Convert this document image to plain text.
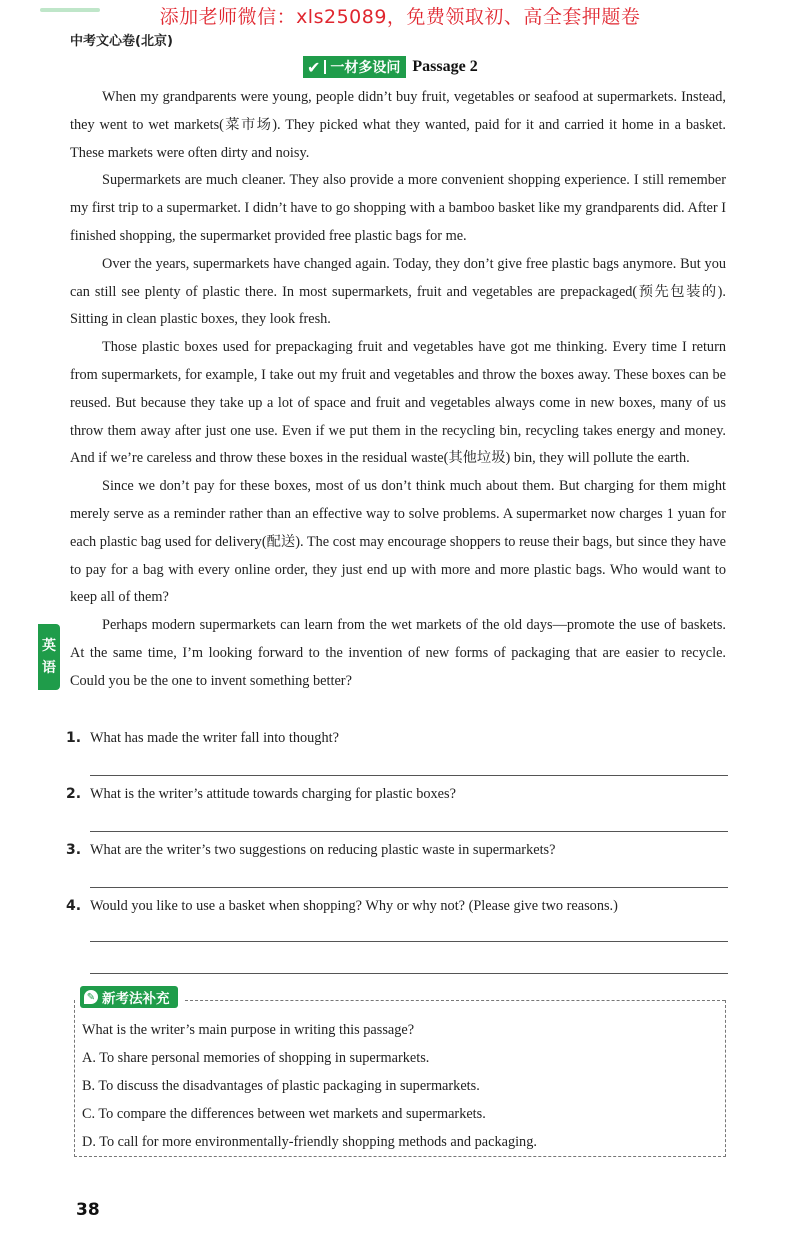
添加老师微信：xls25089，免费领取初、高全套押题卷
中考文心卷(北京)
✔ 一材多设问 Passage 2

When my grandparents were young, people didn’t buy fruit, vegetables or seafood at supermarkets. Instead, they went to wet markets(菜市场). They picked what they wanted, paid for it and carried it home in a basket. These markets were often dirty and noisy.

Supermarkets are much cleaner. They also provide a more convenient shopping experience. I still remember my first trip to a supermarket. I didn’t have to go shopping with a bamboo basket like my grandparents did. After I finished shopping, the supermarket provided free plastic bags for me.

Over the years, supermarkets have changed again. Today, they don’t give free plastic bags anymore. But you can still see plenty of plastic there. In most supermarkets, fruit and vegetables are prepackaged(预先包装的). Sitting in clean plastic boxes, they look fresh.

Those plastic boxes used for prepackaging fruit and vegetables have got me thinking. Every time I return from supermarkets, for example, I take out my fruit and vegetables and throw the boxes away. These boxes can be reused. But because they take up a lot of space and fruit and vegetables always come in new boxes, many of us throw them away after just one use. Even if we put them in the recycling bin, recycling takes energy and money. And if we’re careless and throw these boxes in the residual waste(其他垃圾) bin, they will pollute the earth.

Since we don’t pay for these boxes, most of us don’t think much about them. But charging for them might merely serve as a reminder rather than an effective way to solve problems. A supermarket now charges 1 yuan for each plastic bag used for delivery(配送). The cost may encourage shoppers to reuse their bags, but since they have to pay for a bag with every online order, they just end up with more and more plastic bags. Who would want to keep all of them?

Perhaps modern supermarkets can learn from the wet markets of the old days—promote the use of baskets. At the same time, I’m looking forward to the invention of new forms of packaging that are easier to recycle. Could you be the one to invent something better?

英
语
1. What has made the writer fall into thought?
2. What is the writer’s attitude towards charging for plastic boxes?
3. What are the writer’s two suggestions on reducing plastic waste in supermarkets?
4. Would you like to use a basket when shopping? Why or why not? (Please give two reasons.)
✎ 新考法补充
What is the writer’s main purpose in writing this passage?
A. To share personal memories of shopping in supermarkets.
B. To discuss the disadvantages of plastic packaging in supermarkets.
C. To compare the differences between wet markets and supermarkets.
D. To call for more environmentally-friendly shopping methods and packaging.
38
